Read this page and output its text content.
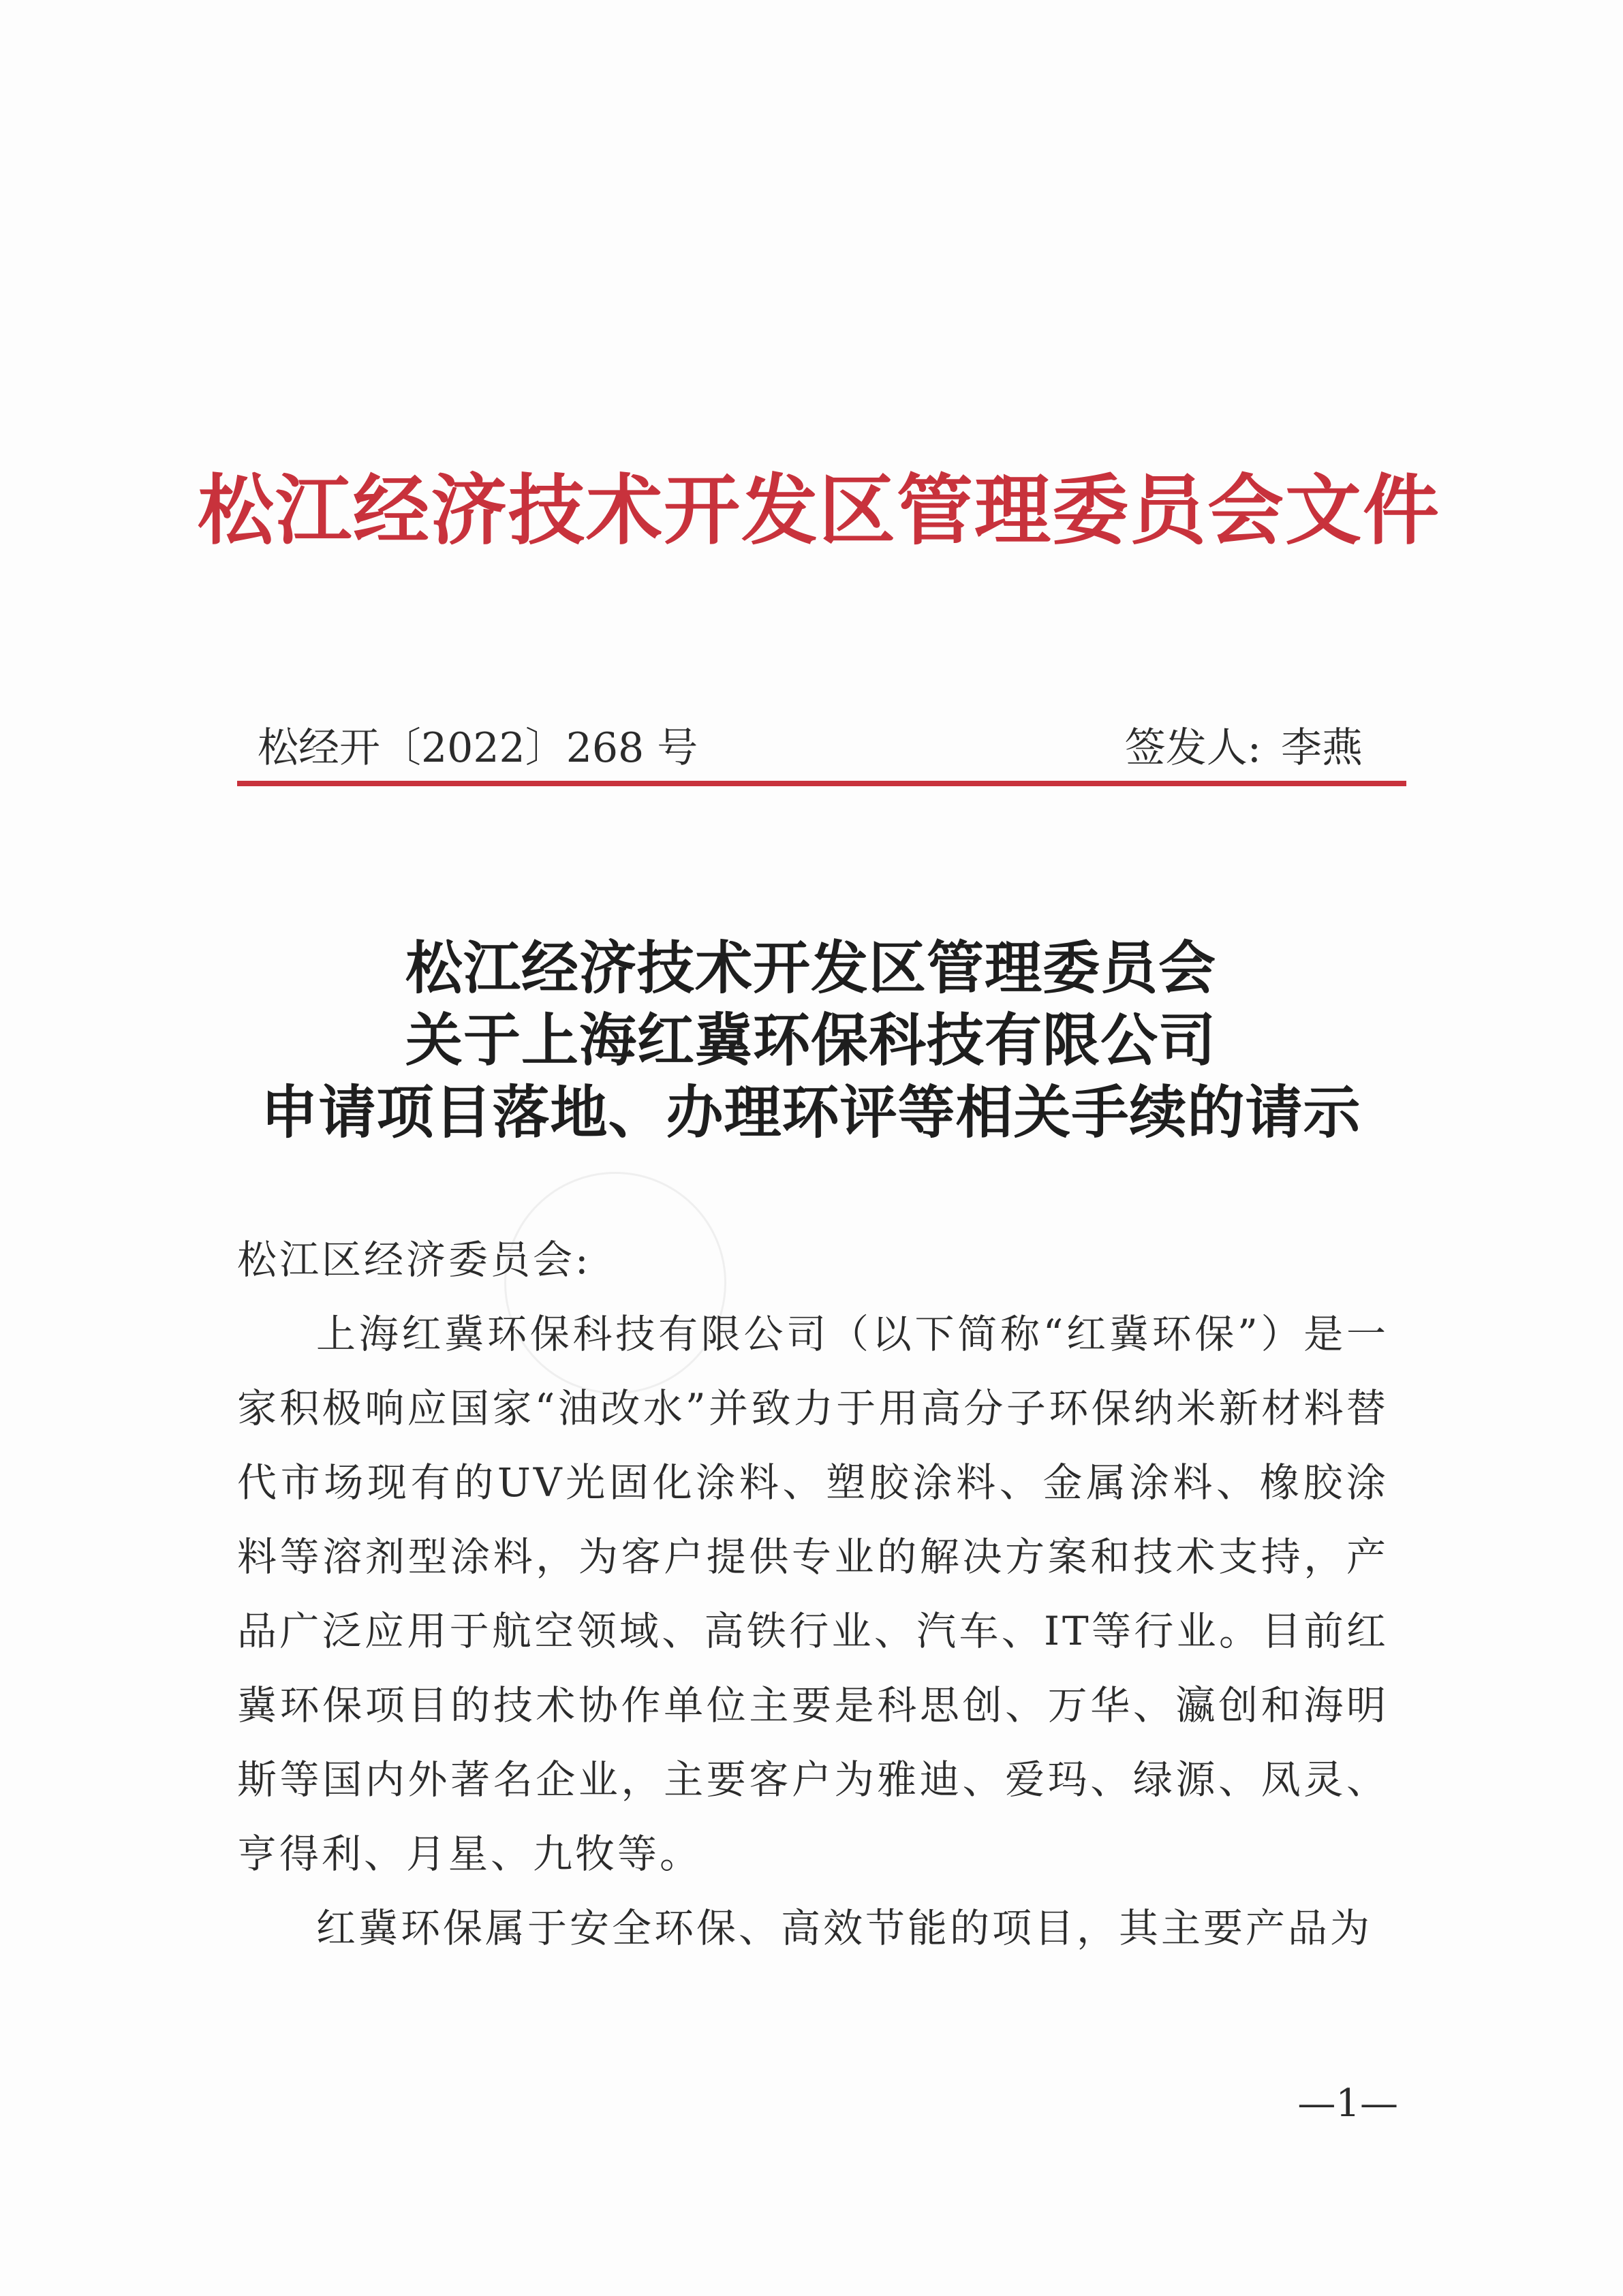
松江经济技术开发区管理委员会文件
松经开〔2022〕268 号	签发人: 李燕
松江经济技术开发区管理委员会
关于上海红冀环保科技有限公司
申请项目落地、办理环评等相关手续的请示

松江区经济委员会:

上海红冀环保科技有限公司（以下简称“红冀环保”）是一家积极响应国家“油改水”并致力于用高分子环保纳米新材料替代市场现有的UV光固化涂料、塑胶涂料、金属涂料、橡胶涂料等溶剂型涂料，为客户提供专业的解决方案和技术支持，产品广泛应用于航空领域、高铁行业、汽车、IT等行业。目前红冀环保项目的技术协作单位主要是科思创、万华、瀛创和海明斯等国内外著名企业，主要客户为雅迪、爱玛、绿源、凤灵、亨得利、月星、九牧等。

红冀环保属于安全环保、高效节能的项目，其主要产品为

—1—
